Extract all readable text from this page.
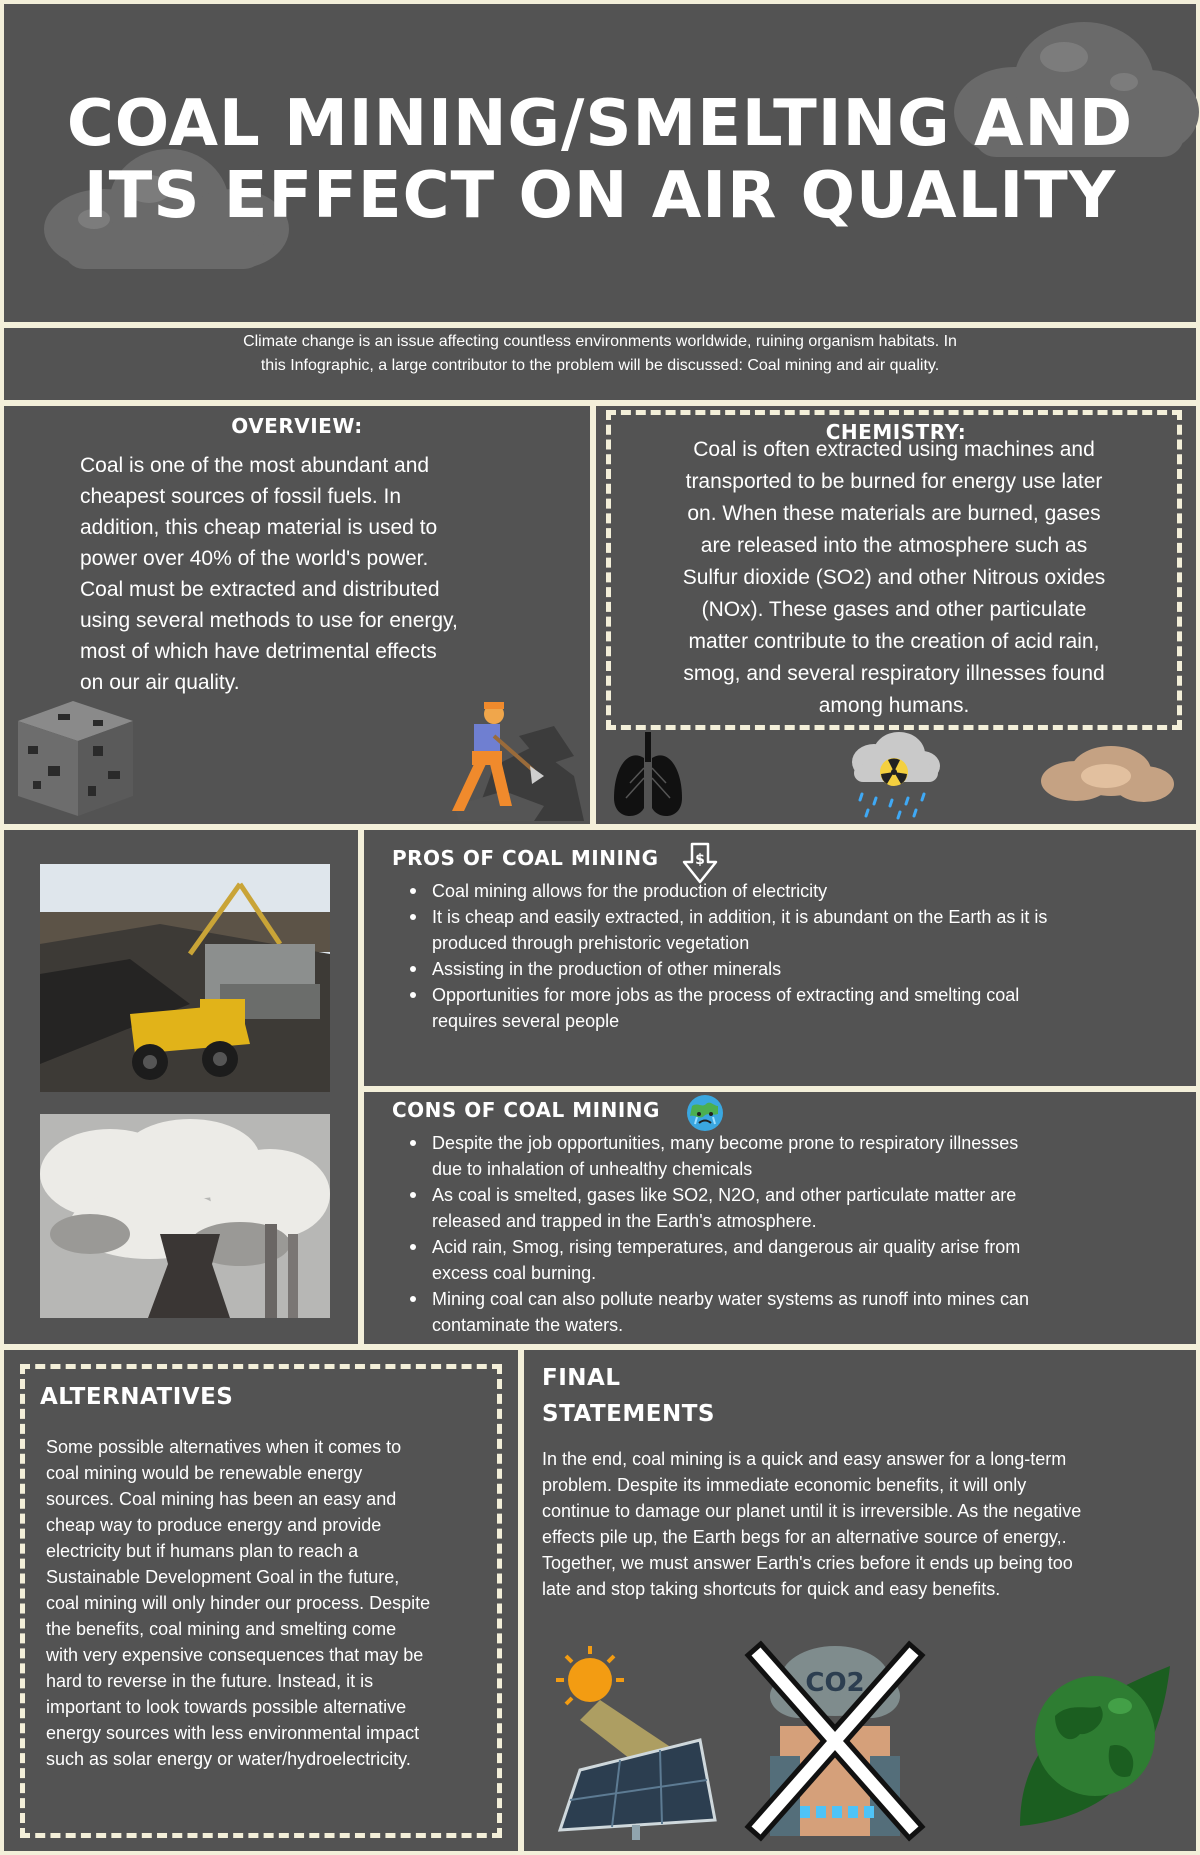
COAL MINING/SMELTING AND
ITS EFFECT ON AIR QUALITY
Climate change is an issue affecting countless environments worldwide, ruining organism habitats. In
this Infographic, a large contributor to the problem will be discussed: Coal mining and air quality.
OVERVIEW:
Coal is one of the most abundant and
cheapest sources of fossil fuels. In
addition, this cheap material is used to
power over 40% of the world's power.
Coal must be extracted and distributed
using several methods to use for energy,
most of which have detrimental effects
on our air quality.
CHEMISTRY:
Coal is often extracted using machines and
transported to be burned for energy use later
on. When these materials are burned, gases
are released into the atmosphere such as
Sulfur dioxide (SO2) and other Nitrous oxides
(NOx). These gases and other particulate
matter contribute to the creation of acid rain,
smog, and several respiratory illnesses found
among humans.
PROS OF COAL MINING	$
Coal mining allows for the production of electricity
It is cheap and easily extracted, in addition, it is abundant on the Earth as it is
produced through prehistoric vegetation
Assisting in the production of other minerals
Opportunities for more jobs as the process of extracting and smelting coal
requires several people
CONS OF COAL MINING
Despite the job opportunities, many become prone to respiratory illnesses
due to inhalation of unhealthy chemicals
As coal is smelted, gases like SO2, N2O, and other particulate matter are
released and trapped in the Earth's atmosphere.
Acid rain, Smog, rising temperatures, and dangerous air quality arise from
excess coal burning.
Mining coal can also pollute nearby water systems as runoff into mines can
contaminate the waters.
ALTERNATIVES
Some possible alternatives when it comes to
coal mining would be renewable energy
sources. Coal mining has been an easy and
cheap way to produce energy and provide
electricity but if humans plan to reach a
Sustainable Development Goal in the future,
coal mining will only hinder our process. Despite
the benefits, coal mining and smelting come
with very expensive consequences that may be
hard to reverse in the future. Instead, it is
important to look towards possible alternative
energy sources with less environmental impact
such as solar energy or water/hydroelectricity.
FINAL
STATEMENTS
In the end, coal mining is a quick and easy answer for a long-term
problem. Despite its immediate economic benefits, it will only
continue to damage our planet until it is irreversible. As the negative
effects pile up, the Earth begs for an alternative source of energy,.
Together, we must answer Earth's cries before it ends up being too
late and stop taking shortcuts for quick and easy benefits.
CO2
